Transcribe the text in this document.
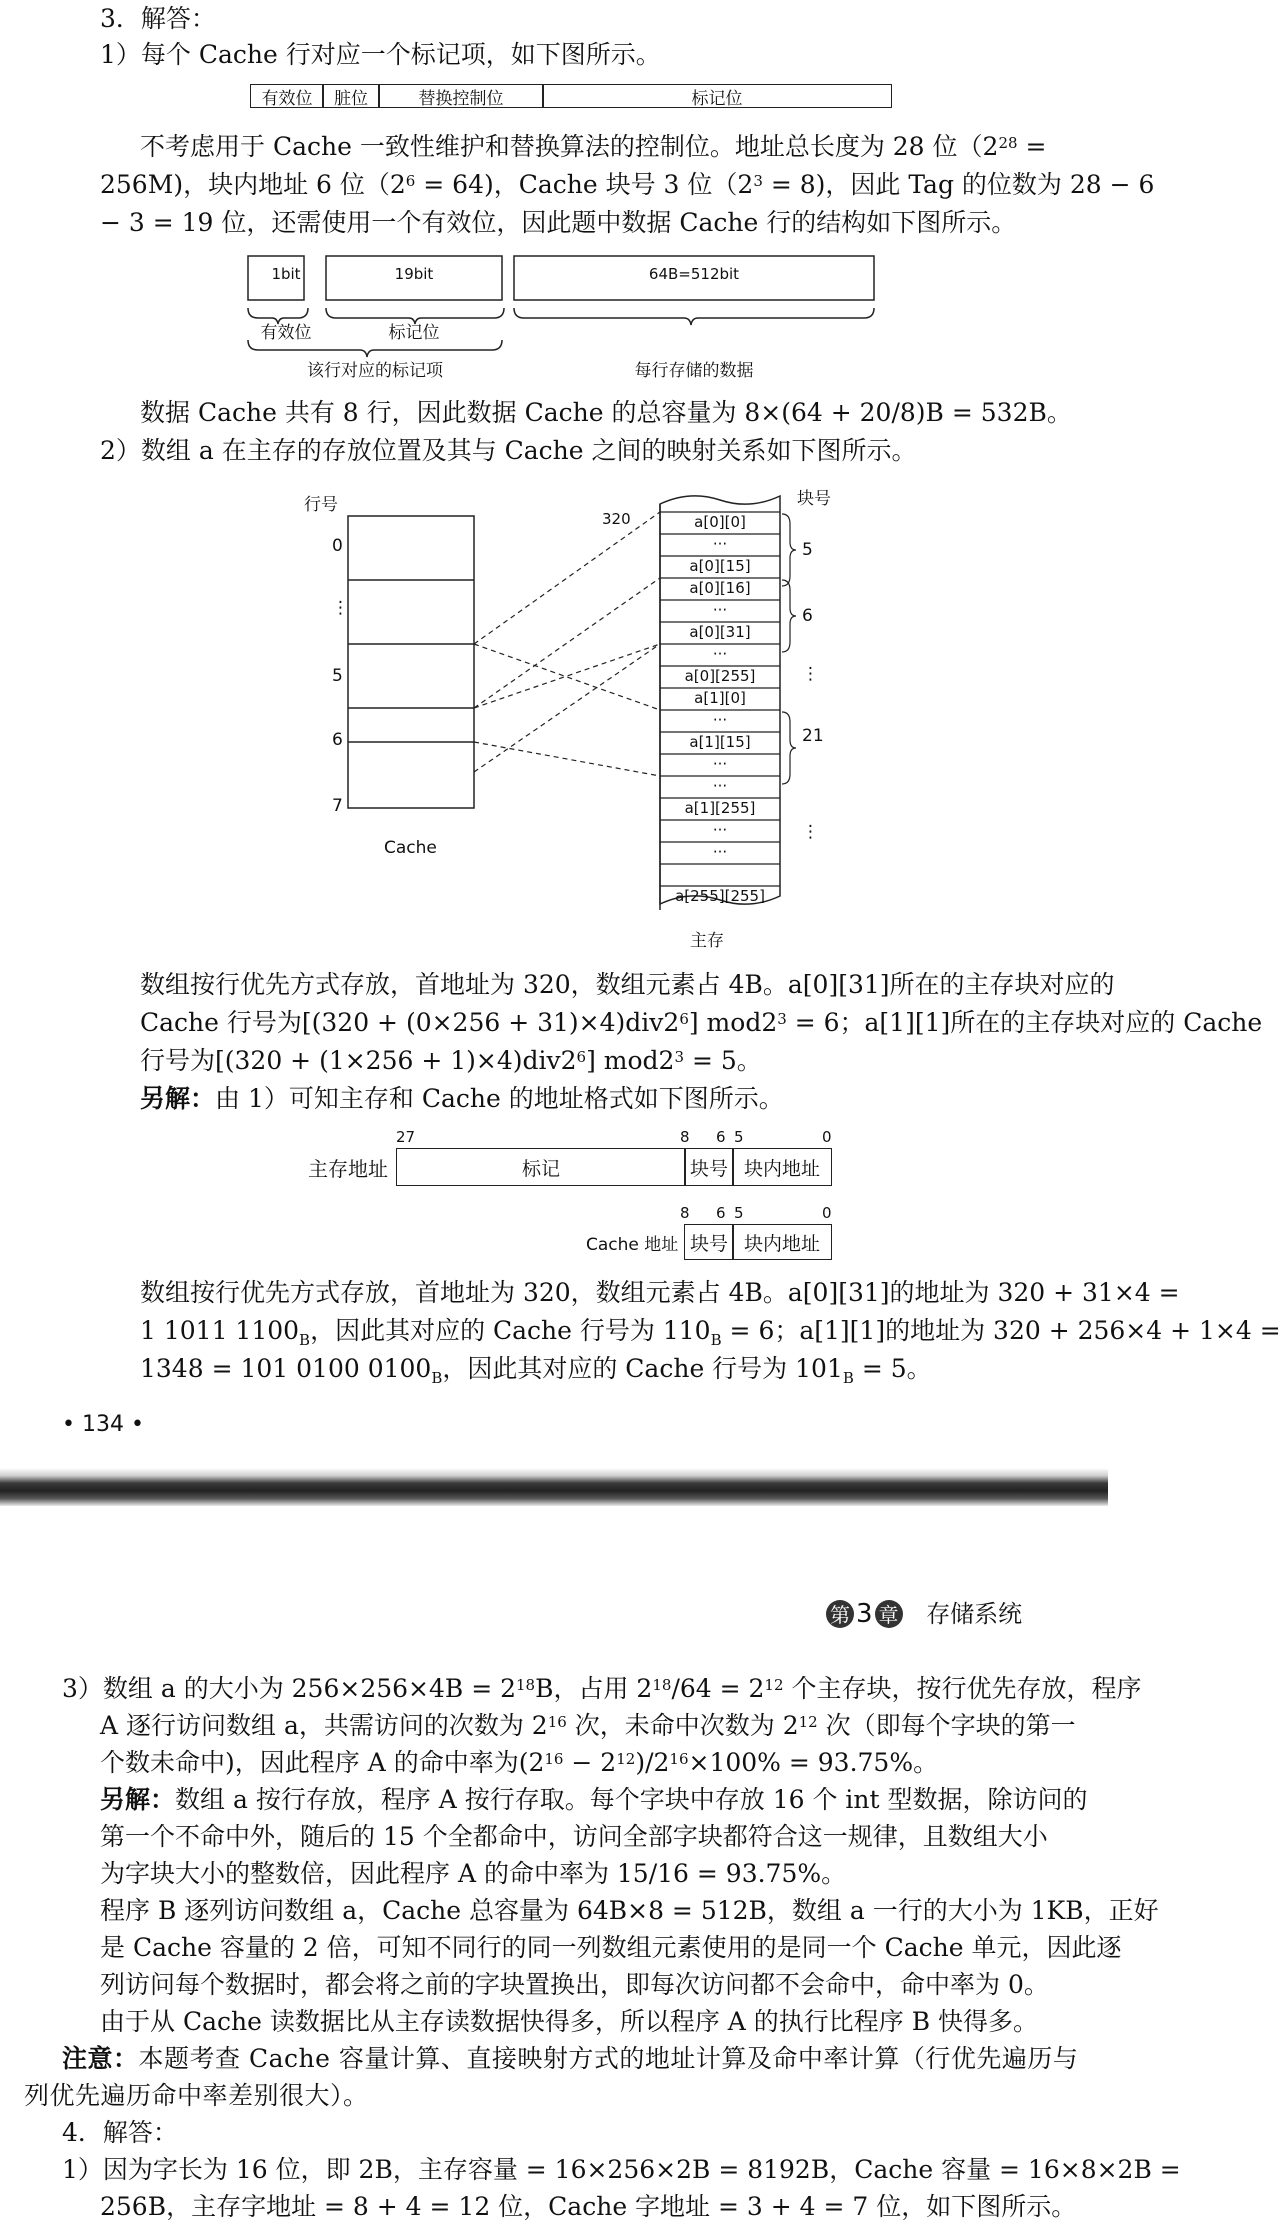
3．解答：
1）每个 Cache 行对应一个标记项，如下图所示。
有效位	脏位	替换控制位	标记位
不考虑用于 Cache 一致性维护和替换算法的控制位。地址总长度为 28 位（$2^{28}$ =
256M)，块内地址 6 位$(2^6 = 64)$，Cache 块号 3 位$(2^3 = 8)$，因此 Tag 的位数为 28 − 6
− 3 = 19 位，还需使用一个有效位，因此题中数据 Cache 行的结构如下图所示。
1bit	19bit	64B=512bit
有效位	标记位
该行对应的标记项	每行存储的数据
数据 Cache 共有 8 行，因此数据 Cache 的总容量为 8×(64 + 20/8)B = 532B。
2）数组 a 在主存的存放位置及其与 Cache 之间的映射关系如下图所示。
行号	块号
0
⋮
5
6
7
Cache
主存
320	a[0][0]
···
a[0][15]
a[0][16]
···
a[0][31]
···
a[0][255]
a[1][0]
···
a[1][15]
···
···
a[1][255]
···
···
a[255][255]
5
6
⋮
21
⋮
数组按行优先方式存放，首地址为 320，数组元素占 4B。a[0][31]所在的主存块对应的
Cache 行号为$[(320 + (0\times 256 + 31)\times 4)div2^6]$ $mod2^3 = 6$；a[1][1]所在的主存块对应的 Cache
行号为$[(320 + (1\times 256 + 1)\times 4)div2^6]$ $mod2^3 = 5$。
另解：由 1）可知主存和 Cache 的地址格式如下图所示。
27	8 6 5	0
主存地址	标记	块号 块内地址
8 6 5	0
Cache 地址 块号 块内地址
数组按行优先方式存放，首地址为 320，数组元素占 4B。a[0][31]的地址为 320 + 31×4 =
1 1011 $1100_B$，因此其对应的 Cache 行号为 $110_B = 6$；a[1][1]的地址为 320 + 256×4 + 1×4 =
1348 = 101 0100 $0100_B$，因此其对应的 Cache 行号为 $101_B = 5$。
• 134 •
第 3 章 存储系统
3）数组 a 的大小为 $256\times 256\times 4B = 2^{18}B$，占用 $2^{18}/64 = 2^{12}$ 个主存块，按行优先存放，程序
A 逐行访问数组 a，共需访问的次数为 $2^{16}$ 次，未命中次数为 $2^{12}$ 次（即每个字块的第一
个数未命中)，因此程序 A 的命中率为$(2^{16} - 2^{12})/2^{16}\times 100\% = 93.75\%$。
另解：数组 a 按行存放，程序 A 按行存取。每个字块中存放 16 个 int 型数据，除访问的
第一个不命中外，随后的 15 个全都命中，访问全部字块都符合这一规律，且数组大小
为字块大小的整数倍，因此程序 A 的命中率为 15/16 = 93.75%。
程序 B 逐列访问数组 a，Cache 总容量为 64B×8 = 512B，数组 a 一行的大小为 1KB，正好
是 Cache 容量的 2 倍，可知不同行的同一列数组元素使用的是同一个 Cache 单元，因此逐
列访问每个数据时，都会将之前的字块置换出，即每次访问都不会命中，命中率为 0。
由于从 Cache 读数据比从主存读数据快得多，所以程序 A 的执行比程序 B 快得多。
注意：本题考查 Cache 容量计算、直接映射方式的地址计算及命中率计算（行优先遍历与
列优先遍历命中率差别很大）。
4．解答：
1）因为字长为 16 位，即 2B，主存容量 = 16×256×2B = 8192B，Cache 容量 = 16×8×2B =
256B，主存字地址 = 8 + 4 = 12 位，Cache 字地址 = 3 + 4 = 7 位，如下图所示。
